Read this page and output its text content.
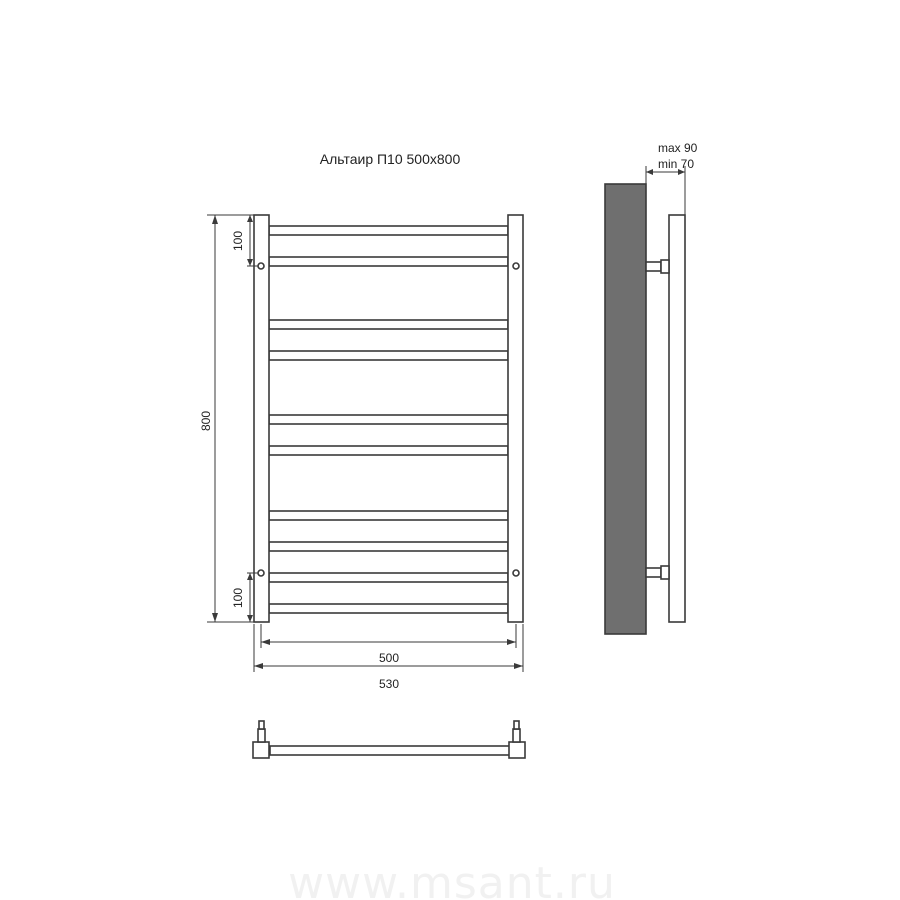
Альтаир П10 500х800
800
100
100
500
530
max 90
min 70
www.msant.ru
